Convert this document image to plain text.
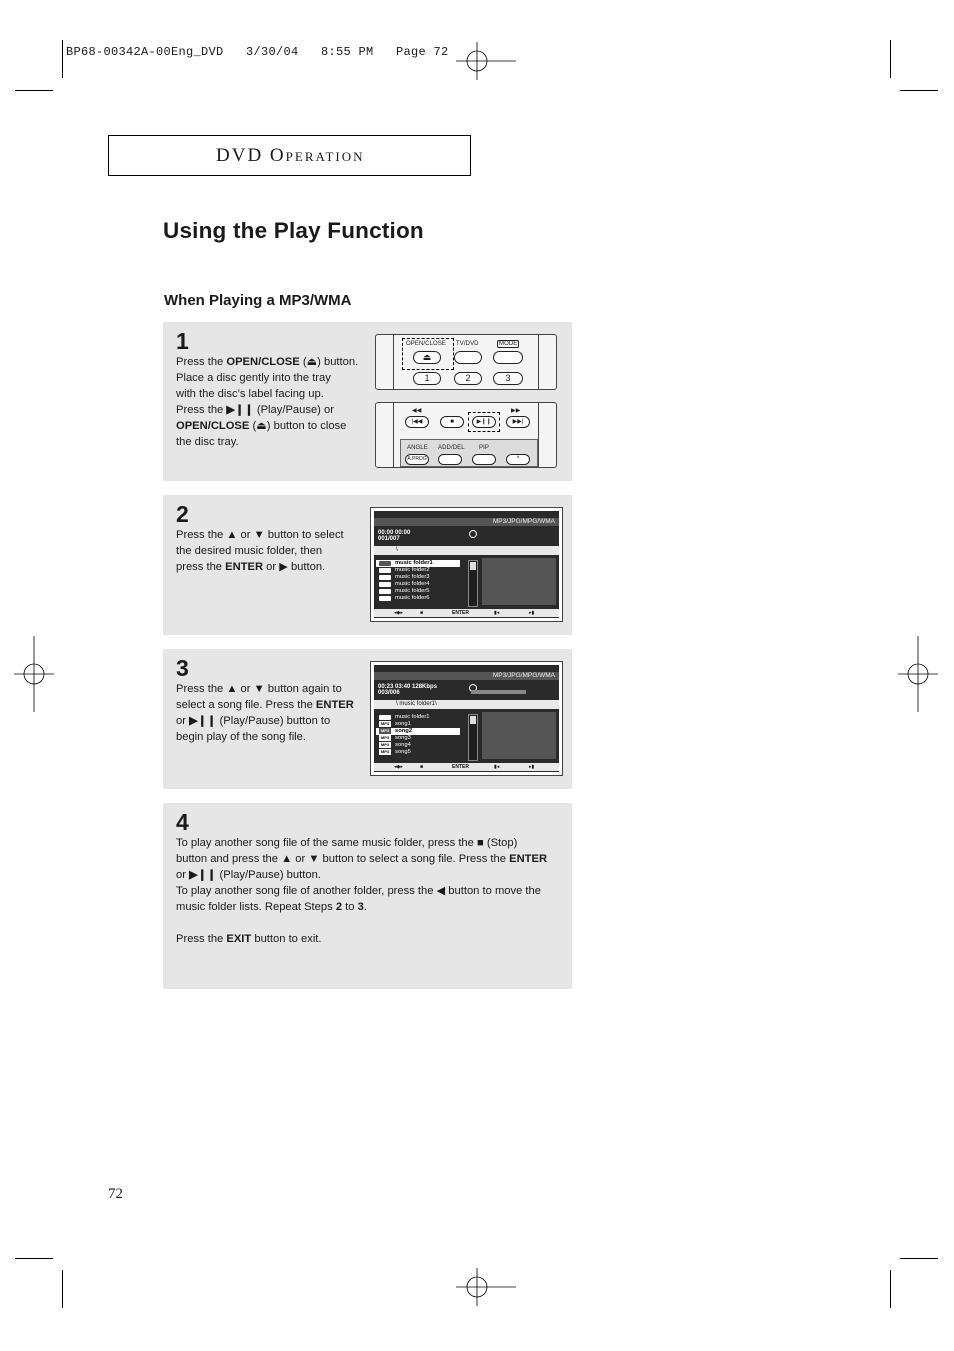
BP68-00342A-00Eng_DVD   3/30/04   8:55 PM   Page 72
DVD OPERATION
Using the Play Function
When Playing a MP3/WMA
1
Press the OPEN/CLOSE (⏏) button.
Place a disc gently into the tray
with the disc’s label facing up.
Press the ▶❙❙ (Play/Pause) or
OPEN/CLOSE (⏏) button to close
the disc tray.
OPEN/CLOSE TV/DVD	MODE
⏏
1	2	3
◀◀	▶▶
|◀◀	■	▶❙❙	▶▶|
ANGLE ADD/DEL PIP
A.PROG	^
2
Press the ▲ or ▼ button to select
the desired music folder, then
press the ENTER or ▶ button.
MP3/JPG/MPG/WMA
00:00 00:00
001/007
\
music folder1
music folder2
music folder3
music folder4
music folder5
music folder6
◂◆▸	■	ENTER	▮◂	▸▮
3
Press the ▲ or ▼ button again to
select a song file. Press the ENTER
or ▶❙❙ (Play/Pause) button to
begin play of the song file.
MP3/JPG/MPG/WMA
00:23 03:40 128Kbps
003/006
\ music folder1\
music folder1
MP3	song1
MP3	song2
MP3	song3
MP3	song4
MP3	song5
◂◆▸	■	ENTER	▮◂	▸▮
4
To play another song file of the same music folder, press the ■ (Stop)
button and press the ▲ or ▼ button to select a song file. Press the ENTER
or ▶❙❙ (Play/Pause) button.
To play another song file of another folder, press the ◀ button to move the
music folder lists. Repeat Steps 2 to 3.

Press the EXIT button to exit.
72
